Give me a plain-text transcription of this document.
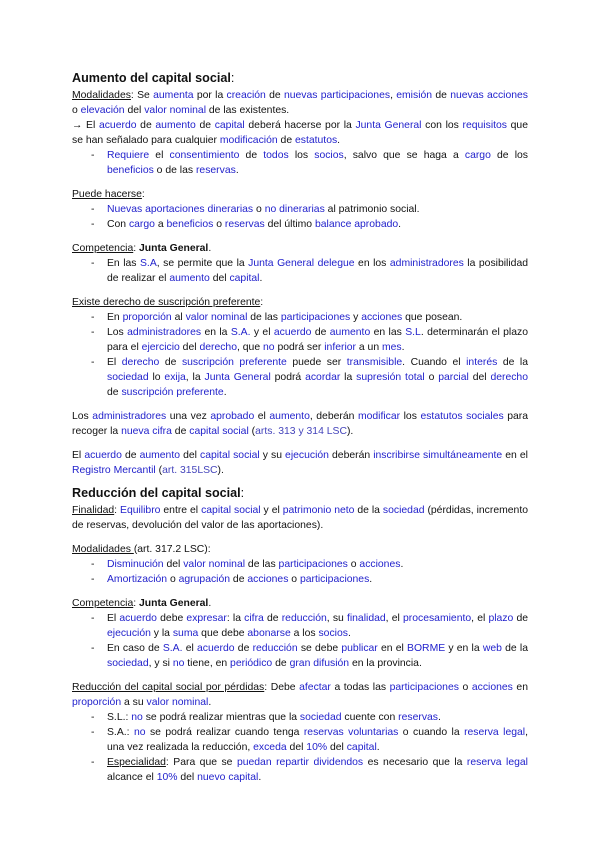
Aumento del capital social:

Modalidades: Se aumenta por la creación de nuevas participaciones, emisión de nuevas acciones o elevación del valor nominal de las existentes.

→ El acuerdo de aumento de capital deberá hacerse por la Junta General con los requisitos que se han señalado para cualquier modificación de estatutos.

- Requiere el consentimiento de todos los socios, salvo que se haga a cargo de los beneficios o de las reservas.

Puede hacerse:

- Nuevas aportaciones dinerarias o no dinerarias al patrimonio social.
- Con cargo a beneficios o reservas del último balance aprobado.

Competencia: Junta General.

- En las S.A, se permite que la Junta General delegue en los administradores la posibilidad de realizar el aumento del capital.

Existe derecho de suscripción preferente:

- En proporción al valor nominal de las participaciones y acciones que posean.
- Los administradores en la S.A. y el acuerdo de aumento en las S.L. determinarán el plazo para el ejercicio del derecho, que no podrá ser inferior a un mes.
- El derecho de suscripción preferente puede ser transmisible. Cuando el interés de la sociedad lo exija, la Junta General podrá acordar la supresión total o parcial del derecho de suscripción preferente.

Los administradores una vez aprobado el aumento, deberán modificar los estatutos sociales para recoger la nueva cifra de capital social (arts. 313 y 314 LSC).

El acuerdo de aumento del capital social y su ejecución deberán inscribirse simultáneamente en el Registro Mercantil (art. 315LSC).

Reducción del capital social:

Finalidad: Equilibro entre el capital social y el patrimonio neto de la sociedad (pérdidas, incremento de reservas, devolución del valor de las aportaciones).

Modalidades (art. 317.2 LSC):

- Disminución del valor nominal de las participaciones o acciones.
- Amortización o agrupación de acciones o participaciones.

Competencia: Junta General.

- El acuerdo debe expresar: la cifra de reducción, su finalidad, el procesamiento, el plazo de ejecución y la suma que debe abonarse a los socios.
- En caso de S.A. el acuerdo de reducción se debe publicar en el BORME y en la web de la sociedad, y si no tiene, en periódico de gran difusión en la provincia.

Reducción del capital social por pérdidas: Debe afectar a todas las participaciones o acciones en proporción a su valor nominal.

- S.L.: no se podrá realizar mientras que la sociedad cuente con reservas.
- S.A.: no se podrá realizar cuando tenga reservas voluntarias o cuando la reserva legal, una vez realizada la reducción, exceda del 10% del capital.
- Especialidad: Para que se puedan repartir dividendos es necesario que la reserva legal alcance el 10% del nuevo capital.
